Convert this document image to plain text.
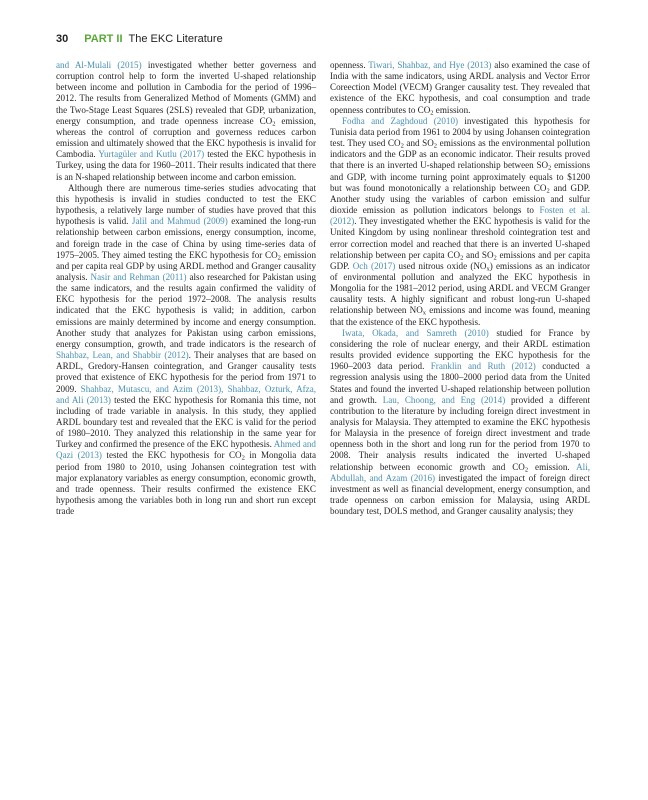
30 PART II The EKC Literature

and Al-Mulali (2015) investigated whether better governess and corruption control help to form the inverted U-shaped relationship between income and pollution in Cambodia for the period of 1996–2012. The results from Generalized Method of Moments (GMM) and the Two-Stage Least Squares (2SLS) revealed that GDP, urbanization, energy consumption, and trade openness increase $CO_2$ emission, whereas the control of corruption and governess reduces carbon emission and ultimately showed that the EKC hypothesis is invalid for Cambodia. Yurtagüler and Kutlu (2017) tested the EKC hypothesis in Turkey, using the data for 1960–2011. Their results indicated that there is an N-shaped relationship between income and carbon emission.

Although there are numerous time-series studies advocating that this hypothesis is invalid in studies conducted to test the EKC hypothesis, a relatively large number of studies have proved that this hypothesis is valid. Jalil and Mahmud (2009) examined the long-run relationship between carbon emissions, energy consumption, income, and foreign trade in the case of China by using time-series data of 1975–2005. They aimed testing the EKC hypothesis for $CO_2$ emission and per capita real GDP by using ARDL method and Granger causality analysis. Nasir and Rehman (2011) also researched for Pakistan using the same indicators, and the results again confirmed the validity of EKC hypothesis for the period 1972–2008. The analysis results indicated that the EKC hypothesis is valid; in addition, carbon emissions are mainly determined by income and energy consumption. Another study that analyzes for Pakistan using carbon emissions, energy consumption, growth, and trade indicators is the research of Shahbaz, Lean, and Shabbir (2012). Their analyses that are based on ARDL, Gredory-Hansen cointegration, and Granger causality tests proved that existence of EKC hypothesis for the period from 1971 to 2009. Shahbaz, Mutascu, and Azim (2013), Shahbaz, Ozturk, Afza, and Ali (2013) tested the EKC hypothesis for Romania this time, not including of trade variable in analysis. In this study, they applied ARDL boundary test and revealed that the EKC is valid for the period of 1980–2010. They analyzed this relationship in the same year for Turkey and confirmed the presence of the EKC hypothesis. Ahmed and Qazi (2013) tested the EKC hypothesis for $CO_2$ in Mongolia data period from 1980 to 2010, using Johansen cointegration test with major explanatory variables as energy consumption, economic growth, and trade openness. Their results confirmed the existence EKC hypothesis among the variables both in long run and short run except trade

openness. Tiwari, Shahbaz, and Hye (2013) also examined the case of India with the same indicators, using ARDL analysis and Vector Error Coreection Model (VECM) Granger causality test. They revealed that existence of the EKC hypothesis, and coal consumption and trade openness contributes to $CO_2$ emission.

Fodha and Zaghdoud (2010) investigated this hypothesis for Tunisia data period from 1961 to 2004 by using Johansen cointegration test. They used $CO_2$ and $SO_2$ emissions as the environmental pollution indicators and the GDP as an economic indicator. Their results proved that there is an inverted U-shaped relationship between $SO_2$ emissions and GDP, with income turning point approximately equals to $1200 but was found monotonically a relationship between $CO_2$ and GDP. Another study using the variables of carbon emission and sulfur dioxide emission as pollution indicators belongs to Fosten et al. (2012). They investigated whether the EKC hypothesis is valid for the United Kingdom by using nonlinear threshold cointegration test and error correction model and reached that there is an inverted U-shaped relationship between per capita $CO_2$ and $SO_2$ emissions and per capita GDP. Och (2017) used nitrous oxide $(NO_x)$ emissions as an indicator of environmental pollution and analyzed the EKC hypothesis in Mongolia for the 1981–2012 period, using ARDL and VECM Granger causality tests. A highly significant and robust long-run U-shaped relationship between $NO_x$ emissions and income was found, meaning that the existence of the EKC hypothesis.

Iwata, Okada, and Samreth (2010) studied for France by considering the role of nuclear energy, and their ARDL estimation results provided evidence supporting the EKC hypothesis for the 1960–2003 data period. Franklin and Ruth (2012) conducted a regression analysis using the 1800–2000 period data from the United States and found the inverted U-shaped relationship between pollution and growth. Lau, Choong, and Eng (2014) provided a different contribution to the literature by including foreign direct investment in analysis for Malaysia. They attempted to examine the EKC hypothesis for Malaysia in the presence of foreign direct investment and trade openness both in the short and long run for the period from 1970 to 2008. Their analysis results indicated the inverted U-shaped relationship between economic growth and $CO_2$ emission. Ali, Abdullah, and Azam (2016) investigated the impact of foreign direct investment as well as financial development, energy consumption, and trade openness on carbon emission for Malaysia, using ARDL boundary test, DOLS method, and Granger causality analysis; they
